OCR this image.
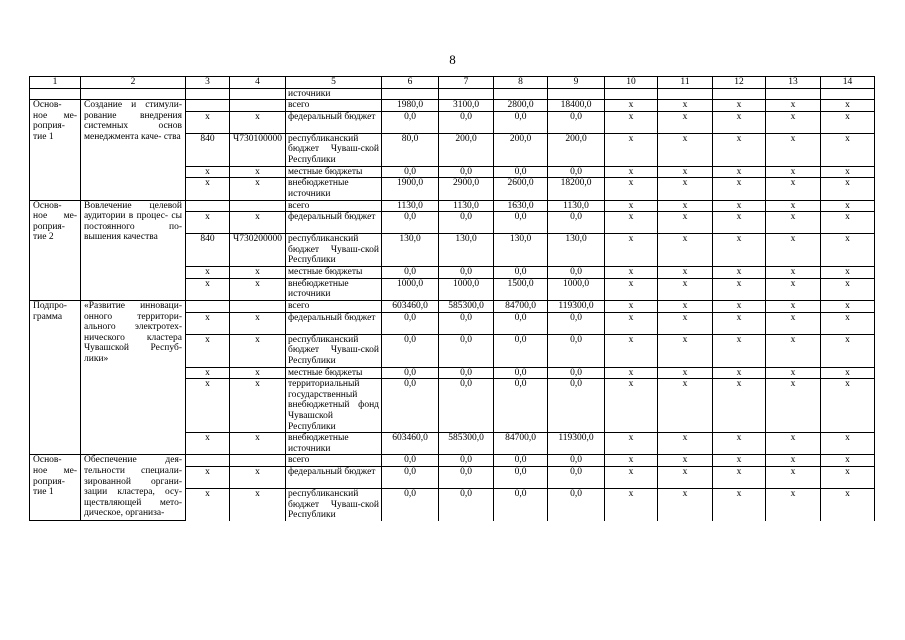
8
1	2	3	4	5	6	7	8	9	10	11	12	13	14
				источники									
Основ- ное ме- роприя- тие 1	Создание и стимули- рование внедрения системных основ менеджмента каче- ства			всего	1980,0	3100,0	2800,0	18400,0	х	х	х	х	х
		х	х	федеральный бюджет	0,0	0,0	0,0	0,0	х	х	х	х	х
		840	Ч730100000	республиканский бюджет Чуваш-ской Республики	80,0	200,0	200,0	200,0	х	х	х	х	х
		х	х	местные бюджеты	0,0	0,0	0,0	0,0	х	х	х	х	х
		х	х	внебюджетные источники	1900,0	2900,0	2600,0	18200,0	х	х	х	х	х
Основ- ное ме- роприя- тие 2	Вовлечение целевой аудитории в процес- сы постоянного по- вышения качества			всего	1130,0	1130,0	1630,0	1130,0	х	х	х	х	х
		х	х	федеральный бюджет	0,0	0,0	0,0	0,0	х	х	х	х	х
		840	Ч730200000	республиканский бюджет Чуваш-ской Республики	130,0	130,0	130,0	130,0	х	х	х	х	х
		х	х	местные бюджеты	0,0	0,0	0,0	0,0	х	х	х	х	х
		х	х	внебюджетные источники	1000,0	1000,0	1500,0	1000,0	х	х	х	х	х
Подпро- грамма	«Развитие инноваци- онного территори- ального электротех- нического кластера Чувашской Респуб- лики»			всего	603460,0	585300,0	84700,0	119300,0	х	х	х	х	х
		х	х	федеральный бюджет	0,0	0,0	0,0	0,0	х	х	х	х	х
		х	х	республиканский бюджет Чуваш-ской Республики	0,0	0,0	0,0	0,0	х	х	х	х	х
		х	х	местные бюджеты	0,0	0,0	0,0	0,0	х	х	х	х	х
		х	х	территориальный государственный внебюджетный фонд Чувашской Республики	0,0	0,0	0,0	0,0	х	х	х	х	х
		х	х	внебюджетные источники	603460,0	585300,0	84700,0	119300,0	х	х	х	х	х
Основ- ное ме- роприя- тие 1	Обеспечение дея- тельности специали- зированной органи- зации кластера, осу- ществляющей мето- дическое, организа-			всего	0,0	0,0	0,0	0,0	х	х	х	х	х
		х	х	федеральный бюджет	0,0	0,0	0,0	0,0	х	х	х	х	х
		х	х	республиканский бюджет Чуваш-ской Республики	0,0	0,0	0,0	0,0	х	х	х	х	х
